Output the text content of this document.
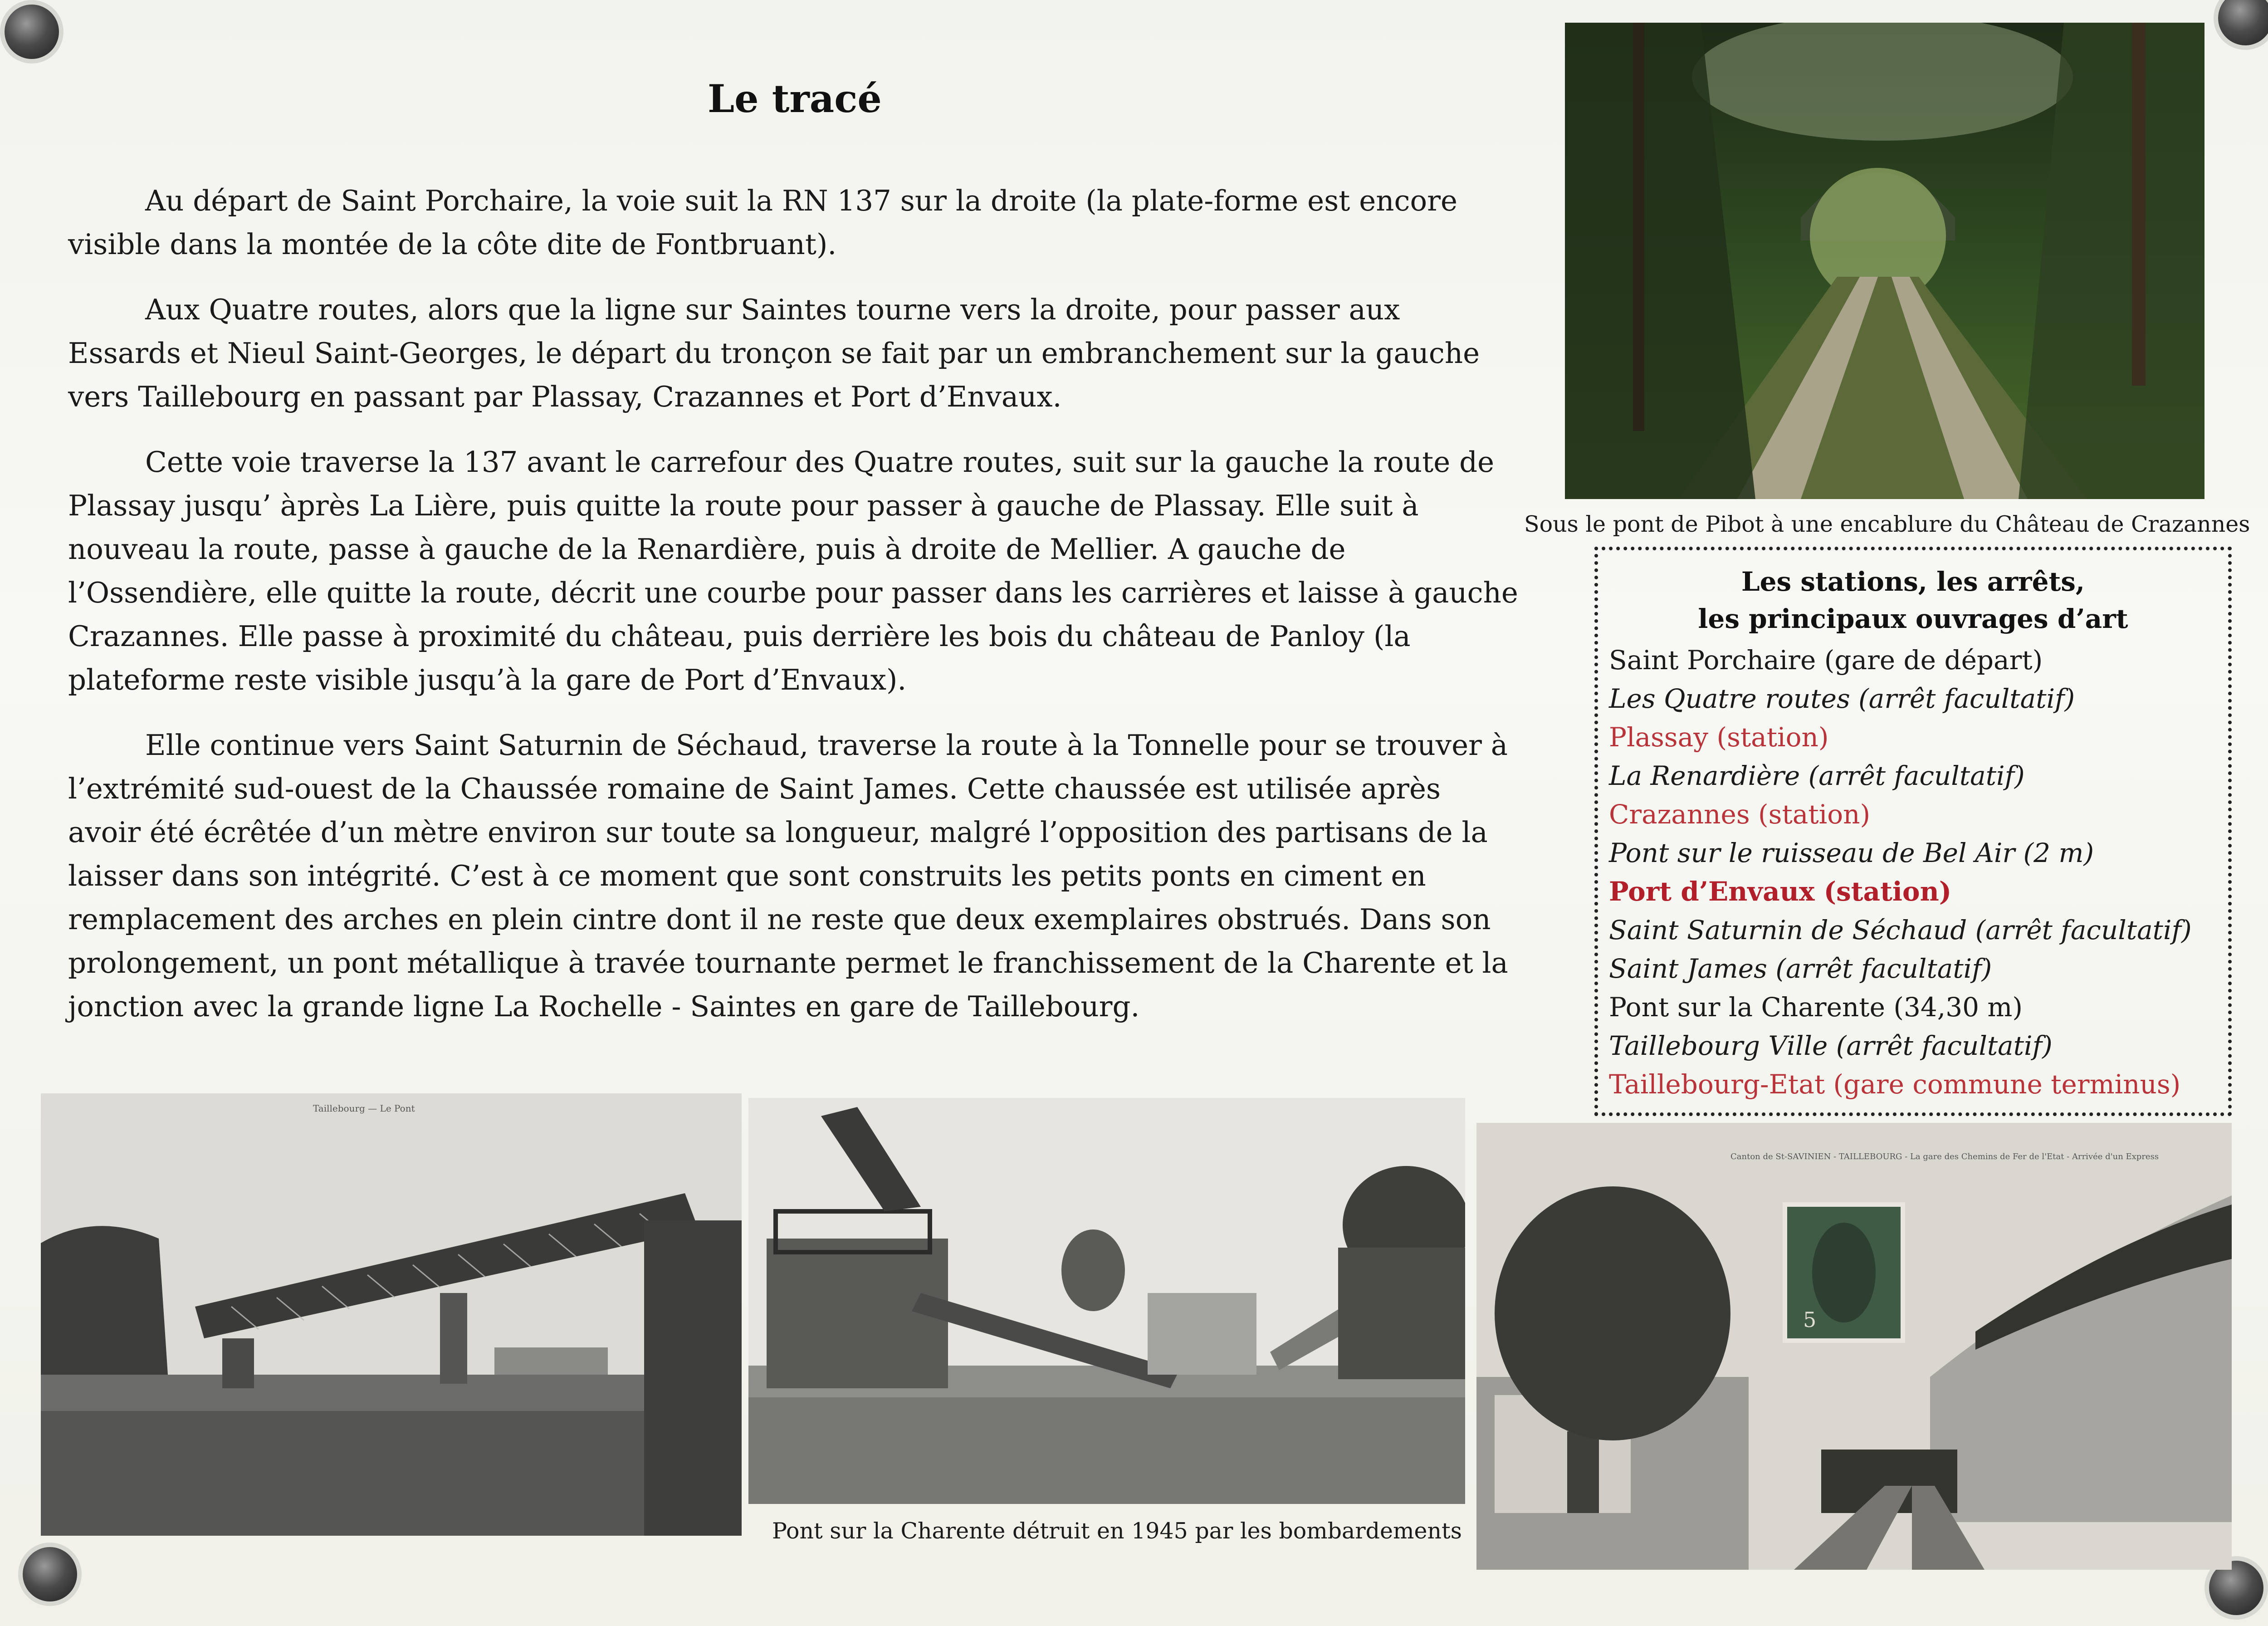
Le tracé

Au départ de Saint Porchaire, la voie suit la RN 137 sur la droite (la plate-forme est encore visible dans la montée de la côte dite de Fontbruant).

Aux Quatre routes, alors que la ligne sur Saintes tourne vers la droite, pour passer aux Essards et Nieul Saint-Georges, le départ du tronçon se fait par un embranchement sur la gauche vers Taillebourg en passant par Plassay, Crazannes et Port d’Envaux.

Cette voie traverse la 137 avant le carrefour des Quatre routes, suit sur la gauche la route de Plassay jusqu’ àprès La Lière, puis quitte la route pour passer à gauche de Plassay. Elle suit à nouveau la route, passe à gauche de la Renardière, puis à droite de Mellier. A gauche de l’Ossendière, elle quitte la route, décrit une courbe pour passer dans les carrières et laisse à gauche Crazannes. Elle passe à proximité du château, puis derrière les bois du château de Panloy (la plateforme reste visible jusqu’à la gare de Port d’Envaux).

Elle continue vers Saint Saturnin de Séchaud, traverse la route à la Tonnelle pour se trouver à l’extrémité sud-ouest de la Chaussée romaine de Saint James. Cette chaussée est utilisée après avoir été écrêtée d’un mètre environ sur toute sa longueur, malgré l’opposition des partisans de la laisser dans son intégrité. C’est à ce moment que sont construits les petits ponts en ciment en remplacement des arches en plein cintre dont il ne reste que deux exemplaires obstrués. Dans son prolongement, un pont métallique à travée tournante permet le franchissement de la Charente et la jonction avec la grande ligne La Rochelle - Saintes en gare de Taillebourg.

Sous le pont de Pibot à une encablure du Château de Crazannes

Les stations, les arrêts,
les principaux ouvrages d’art
Saint Porchaire (gare de départ)
Les Quatre routes (arrêt facultatif)
Plassay (station)
La Renardière (arrêt facultatif)
Crazannes (station)
Pont sur le ruisseau de Bel Air (2 m)
Port d’Envaux (station)
Saint Saturnin de Séchaud (arrêt facultatif)
Saint James (arrêt facultatif)
Pont sur la Charente (34,30 m)
Taillebourg Ville (arrêt facultatif)
Taillebourg-Etat (gare commune terminus)
Taillebourg — Le Pont

Pont sur la Charente détruit en 1945 par les bombardements

Canton de St-SAVINIEN - TAILLEBOURG - La gare des Chemins de Fer de l'Etat - Arrivée d'un Express
5
